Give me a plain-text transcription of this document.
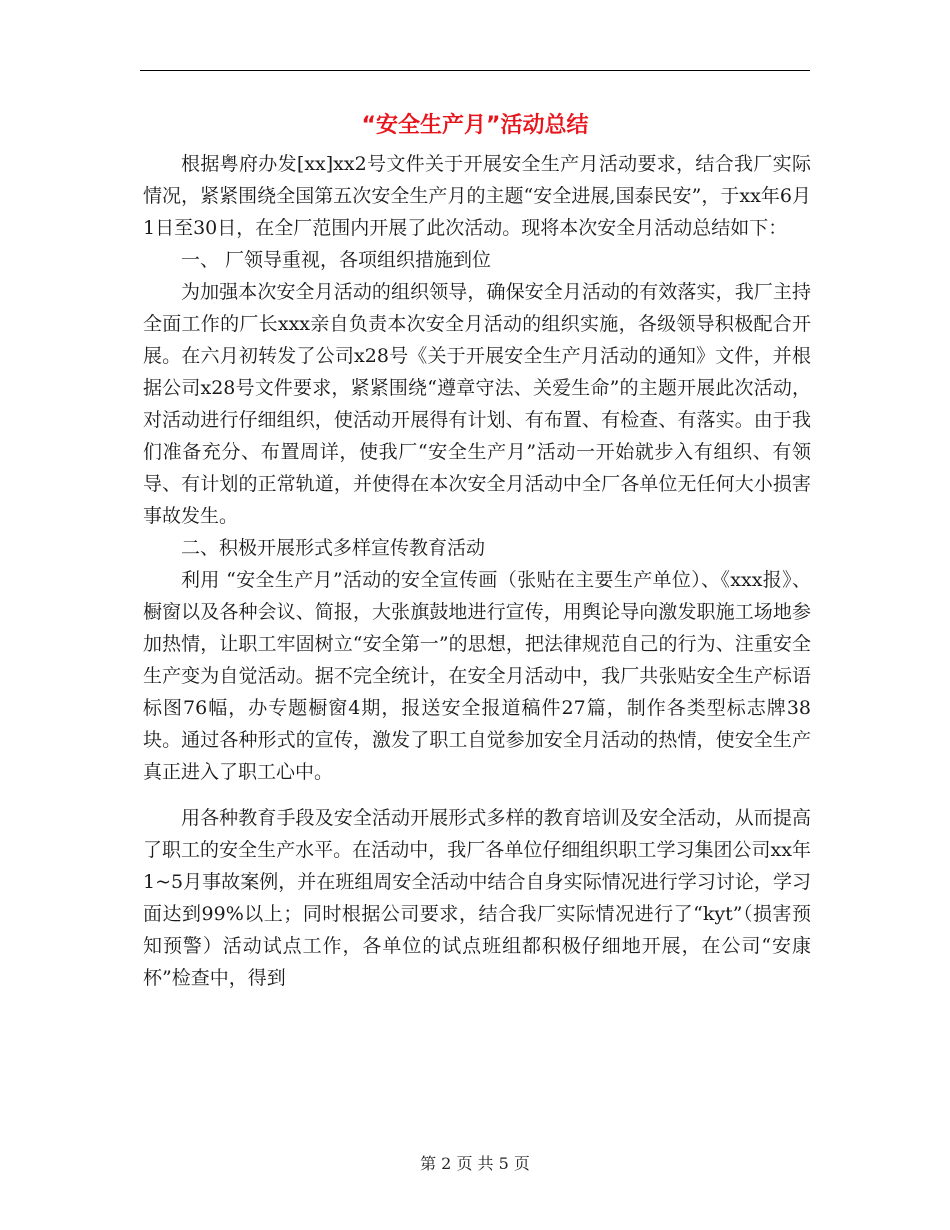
“安全生产月”活动总结

根据粤府办发[xx]xx2号文件关于开展安全生产月活动要求，结合我厂实际情况，紧紧围绕全国第五次安全生产月的主题“安全进展,国泰民安”，于xx年6月1日至30日，在全厂范围内开展了此次活动。现将本次安全月活动总结如下：

一、 厂领导重视，各项组织措施到位

为加强本次安全月活动的组织领导，确保安全月活动的有效落实，我厂主持全面工作的厂长xxx亲自负责本次安全月活动的组织实施，各级领导积极配合开展。在六月初转发了公司x28号《关于开展安全生产月活动的通知》文件，并根据公司x28号文件要求，紧紧围绕“遵章守法、关爱生命”的主题开展此次活动，对活动进行仔细组织，使活动开展得有计划、有布置、有检查、有落实。由于我们准备充分、布置周详，使我厂“安全生产月”活动一开始就步入有组织、有领导、有计划的正常轨道，并使得在本次安全月活动中全厂各单位无任何大小损害事故发生。

二、积极开展形式多样宣传教育活动

利用 “安全生产月”活动的安全宣传画（张贴在主要生产单位）、《xxx报》、橱窗以及各种会议、简报，大张旗鼓地进行宣传，用舆论导向激发职施工场地参加热情，让职工牢固树立“安全第一”的思想，把法律规范自己的行为、注重安全生产变为自觉活动。据不完全统计，在安全月活动中，我厂共张贴安全生产标语标图76幅，办专题橱窗4期，报送安全报道稿件27篇，制作各类型标志牌38块。通过各种形式的宣传，激发了职工自觉参加安全月活动的热情，使安全生产真正进入了职工心中。

用各种教育手段及安全活动开展形式多样的教育培训及安全活动，从而提高了职工的安全生产水平。在活动中，我厂各单位仔细组织职工学习集团公司xx年1~5月事故案例，并在班组周安全活动中结合自身实际情况进行学习讨论，学习面达到99%以上；同时根据公司要求，结合我厂实际情况进行了“kyt”（损害预知预警）活动试点工作，各单位的试点班组都积极仔细地开展，在公司“安康杯”检查中，得到

第 2 页 共 5 页
